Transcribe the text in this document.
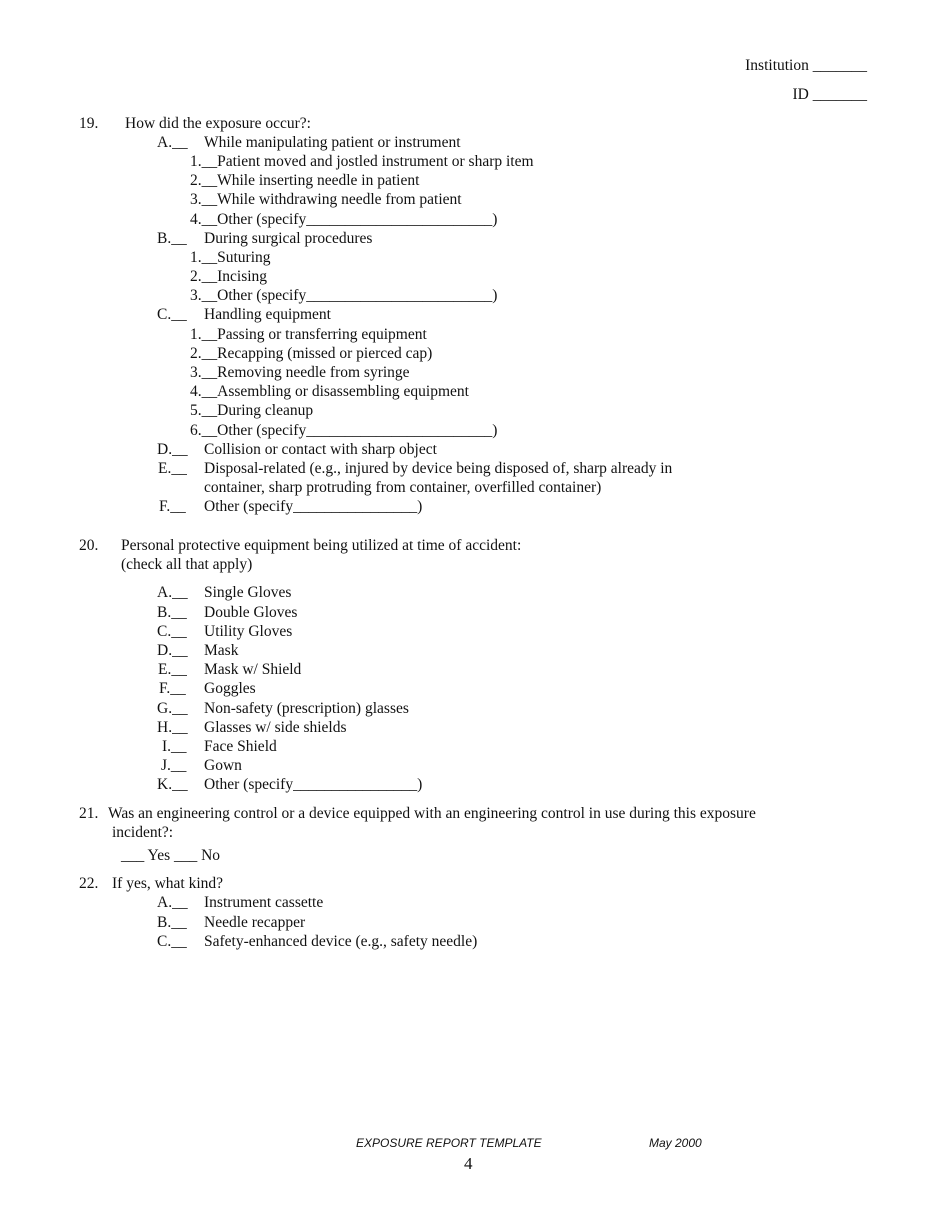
Institution _______
ID _______
19. How did the exposure occur?:
A.__ While manipulating patient or instrument
1.__Patient moved and jostled instrument or sharp item
2.__While inserting needle in patient
3.__While withdrawing needle from patient
4.__Other (specify________________________)
B.__ During surgical procedures
1.__Suturing
2.__Incising
3.__Other (specify________________________)
C.__ Handling equipment
1.__Passing or transferring equipment
2.__Recapping (missed or pierced cap)
3.__Removing needle from syringe
4.__Assembling or disassembling equipment
5.__During cleanup
6.__Other (specify________________________)
D.__ Collision or contact with sharp object
E.__ Disposal-related (e.g., injured by device being disposed of, sharp already in
container, sharp protruding from container, overfilled container)
F.__ Other (specify________________)
20. Personal protective equipment being utilized at time of accident:
(check all that apply)
A.__ Single Gloves
B.__ Double Gloves
C.__ Utility Gloves
D.__ Mask
E.__ Mask w/ Shield
F.__ Goggles
G.__ Non-safety (prescription) glasses
H.__ Glasses w/ side shields
I.__ Face Shield
J.__ Gown
K.__ Other (specify________________)
21. Was an engineering control or a device equipped with an engineering control in use during this exposure
incident?:
___ Yes ___ No
22. If yes, what kind?
A.__ Instrument cassette
B.__ Needle recapper
C.__ Safety-enhanced device (e.g., safety needle)
EXPOSURE REPORT TEMPLATE	May 2000
4
